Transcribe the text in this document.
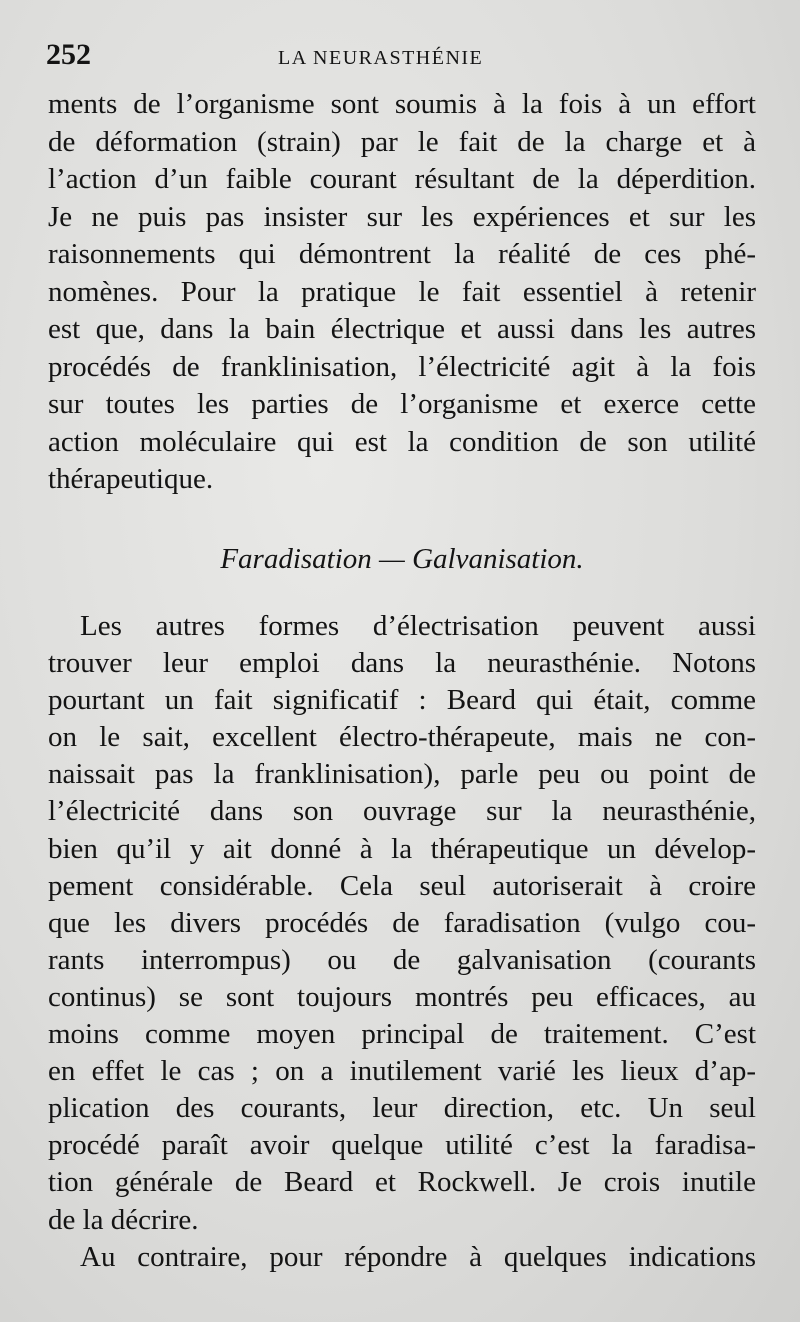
252	LA NEURASTHÉNIE
ments de l’organisme sont soumis à la fois à un effort
de déformation (strain) par le fait de la charge et à
l’action d’un faible courant résultant de la déperdition.
Je ne puis pas insister sur les expériences et sur les
raisonnements qui démontrent la réalité de ces phé-
nomènes. Pour la pratique le fait essentiel à retenir
est que, dans la bain électrique et aussi dans les autres
procédés de franklinisation, l’électricité agit à la fois
sur toutes les parties de l’organisme et exerce cette
action moléculaire qui est la condition de son utilité
thérapeutique.
Faradisation — Galvanisation.
Les autres formes d’électrisation peuvent aussi
trouver leur emploi dans la neurasthénie. Notons
pourtant un fait significatif : Beard qui était, comme
on le sait, excellent électro-thérapeute, mais ne con-
naissait pas la franklinisation), parle peu ou point de
l’électricité dans son ouvrage sur la neurasthénie,
bien qu’il y ait donné à la thérapeutique un dévelop-
pement considérable. Cela seul autoriserait à croire
que les divers procédés de faradisation (vulgo cou-
rants interrompus) ou de galvanisation (courants
continus) se sont toujours montrés peu efficaces, au
moins comme moyen principal de traitement. C’est
en effet le cas ; on a inutilement varié les lieux d’ap-
plication des courants, leur direction, etc. Un seul
procédé paraît avoir quelque utilité c’est la faradisa-
tion générale de Beard et Rockwell. Je crois inutile
de la décrire.
Au contraire, pour répondre à quelques indications
